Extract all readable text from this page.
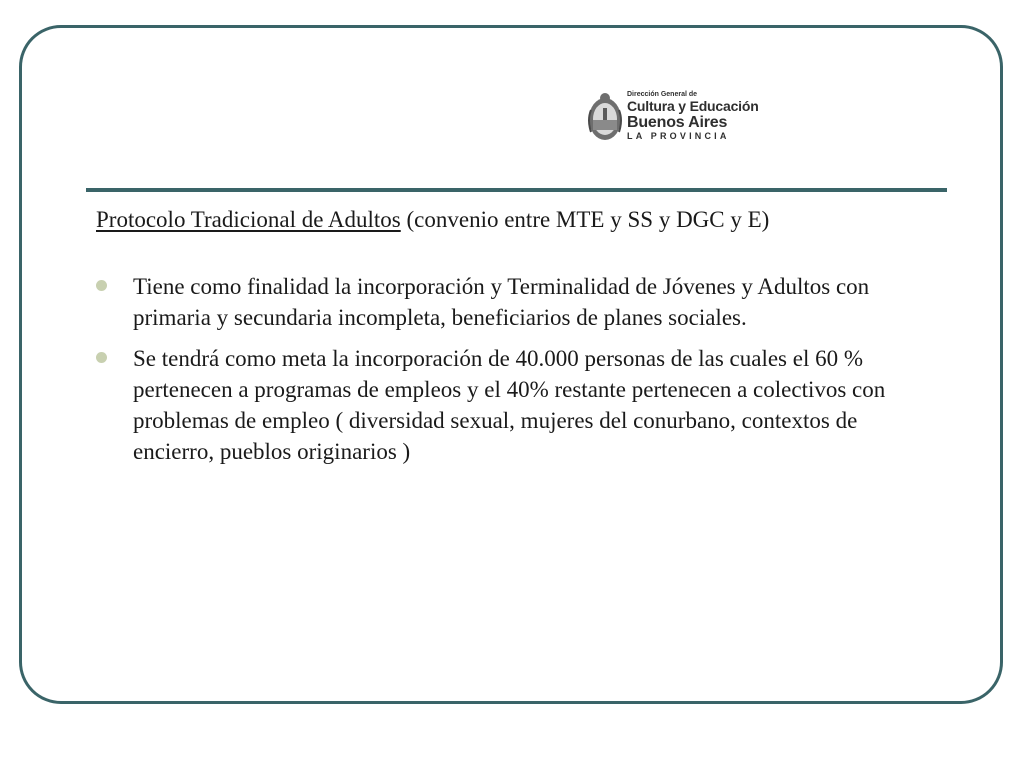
Dirección General de
Cultura y Educación
Buenos Aires
LA PROVINCIA

Protocolo Tradicional de Adultos (convenio entre MTE y SS y DGC y E)

Tiene como finalidad la incorporación y Terminalidad de Jóvenes y Adultos con primaria y secundaria incompleta, beneficiarios de planes sociales.
Se tendrá como meta la incorporación de 40.000 personas de las cuales el 60 % pertenecen a programas de empleos y el 40% restante pertenecen a colectivos con problemas de empleo ( diversidad sexual, mujeres del conurbano, contextos de encierro, pueblos originarios )
